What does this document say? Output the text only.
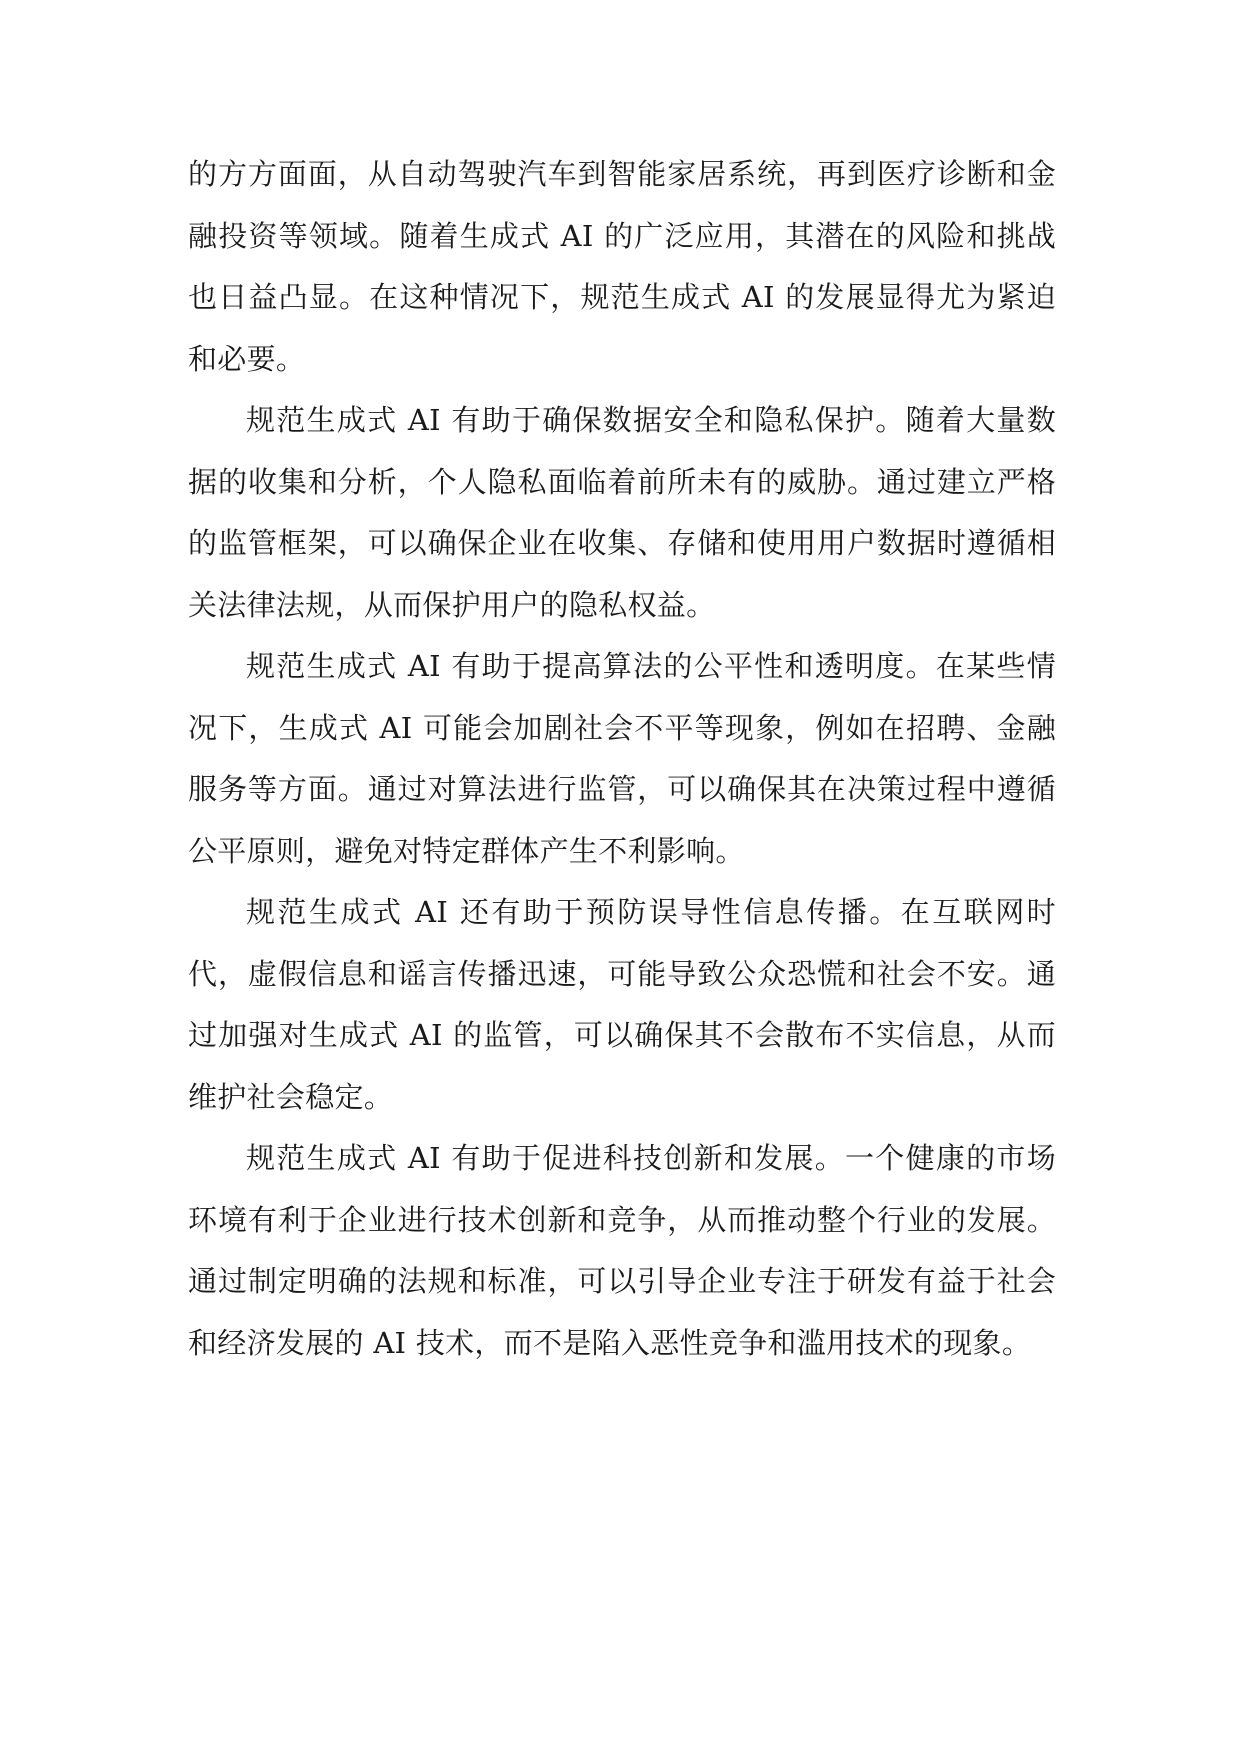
的方方面面，从自动驾驶汽车到智能家居系统，再到医疗诊断和金融投资等领域。随着生成式 AI 的广泛应用，其潜在的风险和挑战也日益凸显。在这种情况下，规范生成式 AI 的发展显得尤为紧迫和必要。

规范生成式 AI 有助于确保数据安全和隐私保护。随着大量数据的收集和分析，个人隐私面临着前所未有的威胁。通过建立严格的监管框架，可以确保企业在收集、存储和使用用户数据时遵循相关法律法规，从而保护用户的隐私权益。

规范生成式 AI 有助于提高算法的公平性和透明度。在某些情况下，生成式 AI 可能会加剧社会不平等现象，例如在招聘、金融服务等方面。通过对算法进行监管，可以确保其在决策过程中遵循公平原则，避免对特定群体产生不利影响。

规范生成式 AI 还有助于预防误导性信息传播。在互联网时代，虚假信息和谣言传播迅速，可能导致公众恐慌和社会不安。通过加强对生成式 AI 的监管，可以确保其不会散布不实信息，从而维护社会稳定。

规范生成式 AI 有助于促进科技创新和发展。一个健康的市场环境有利于企业进行技术创新和竞争，从而推动整个行业的发展。通过制定明确的法规和标准，可以引导企业专注于研发有益于社会和经济发展的 AI 技术，而不是陷入恶性竞争和滥用技术的现象。
